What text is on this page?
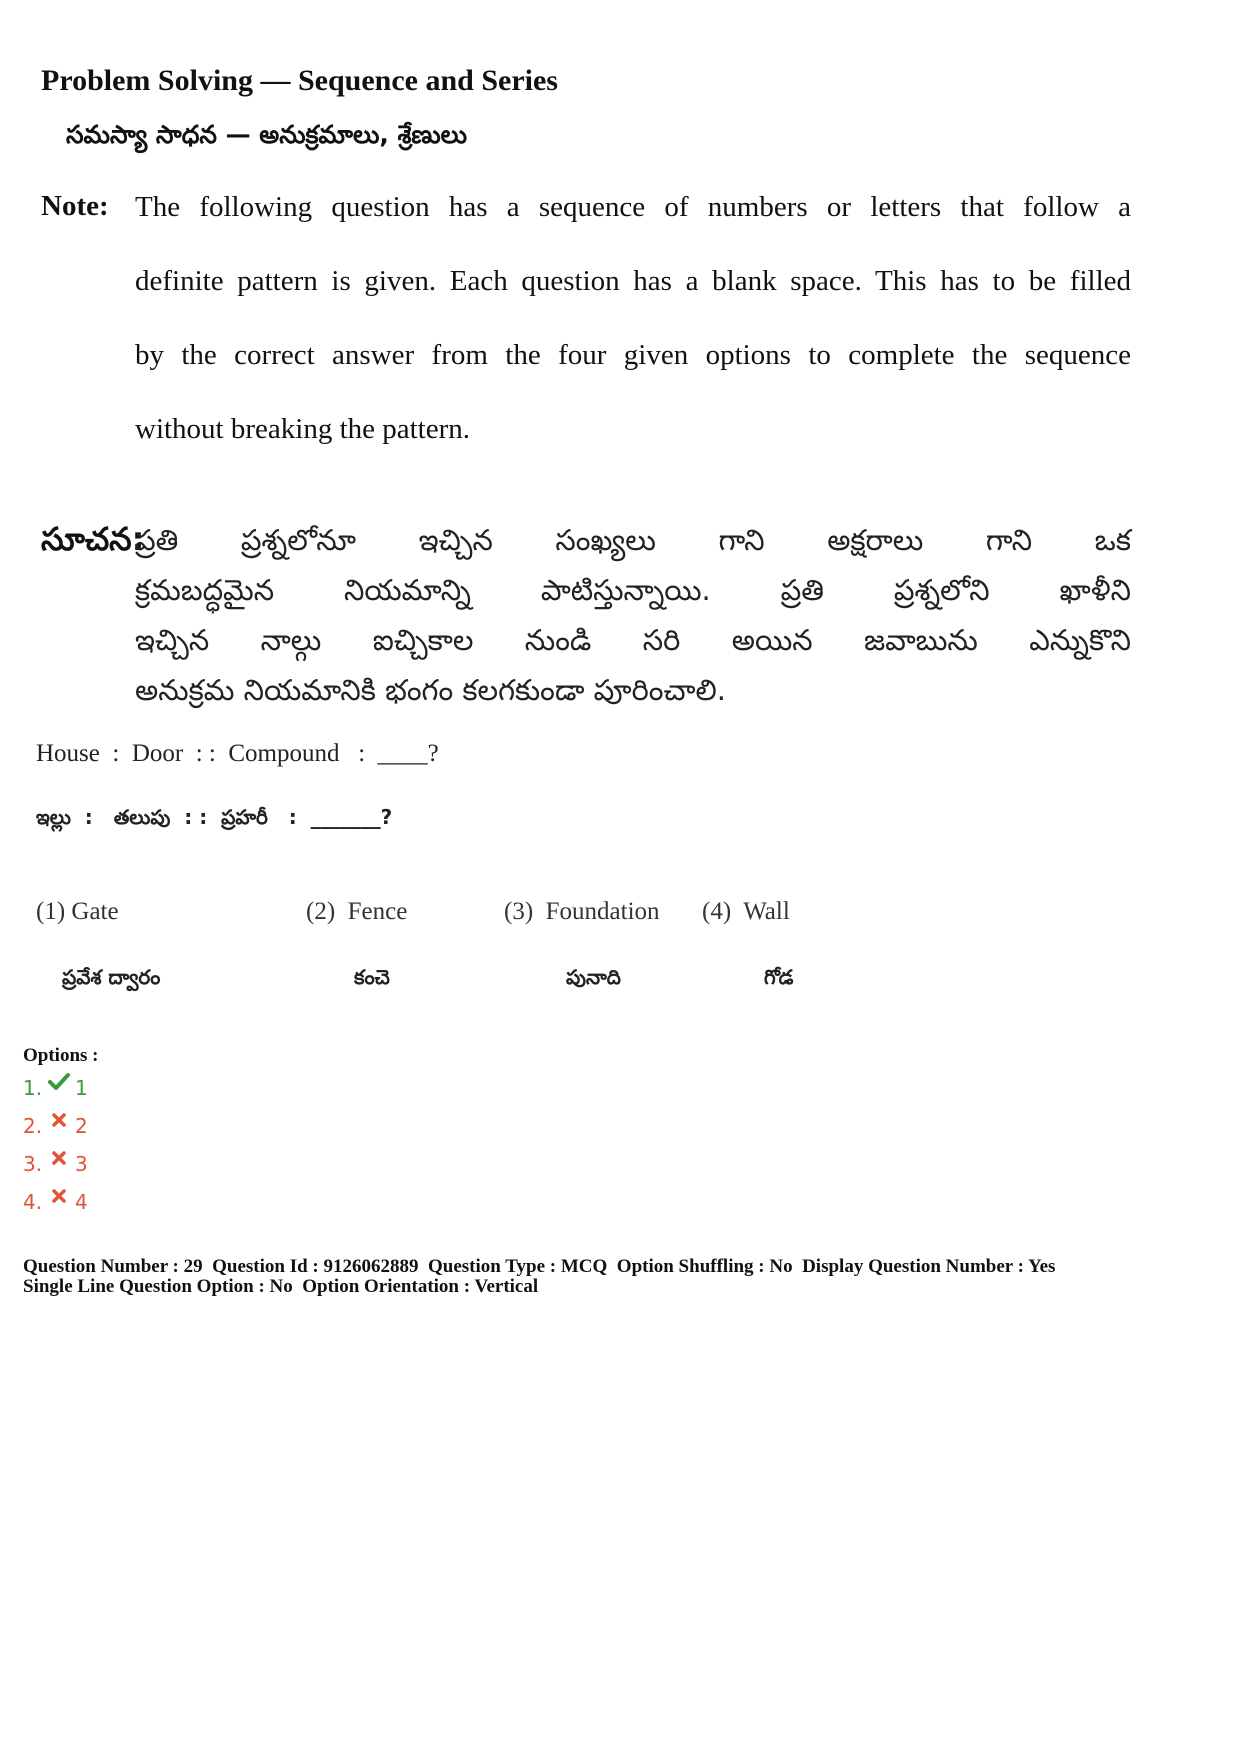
Problem Solving — Sequence and Series
సమస్యా సాధన — అనుక్రమాలు, శ్రేణులు
Note: The following question has a sequence of numbers or letters that follow a
definite pattern is given. Each question has a blank space. This has to be filled
by the correct answer from the four given options to complete the sequence
without breaking the pattern.
సూచన:
ప్రతి ప్రశ్నలోనూ ఇచ్చిన సంఖ్యలు గాని అక్షరాలు గాని ఒక
క్రమబద్ధమైన నియమాన్ని పాటిస్తున్నాయి. ప్రతి ప్రశ్నలోని ఖాళీని
ఇచ్చిన నాల్గు ఐచ్చికాల నుండి సరి అయిన జవాబును ఎన్నుకొని
అనుక్రమ నియమానికి భంగం కలగకుండా పూరించాలి.
House  :  Door  : :  Compound   :  ____?
ఇల్లు  :   తలుపు  : :  ప్రహరీ   :  _______?
(1) Gate	(2)  Fence	(3)  Foundation (4)  Wall
ప్రవేశ ద్వారం	కంచె	పునాది	గోడ
Options :
1. 1
2. 2
3. 3
4. 4
Question Number : 29  Question Id : 9126062889  Question Type : MCQ  Option Shuffling : No  Display Question Number : Yes
Single Line Question Option : No  Option Orientation : Vertical
